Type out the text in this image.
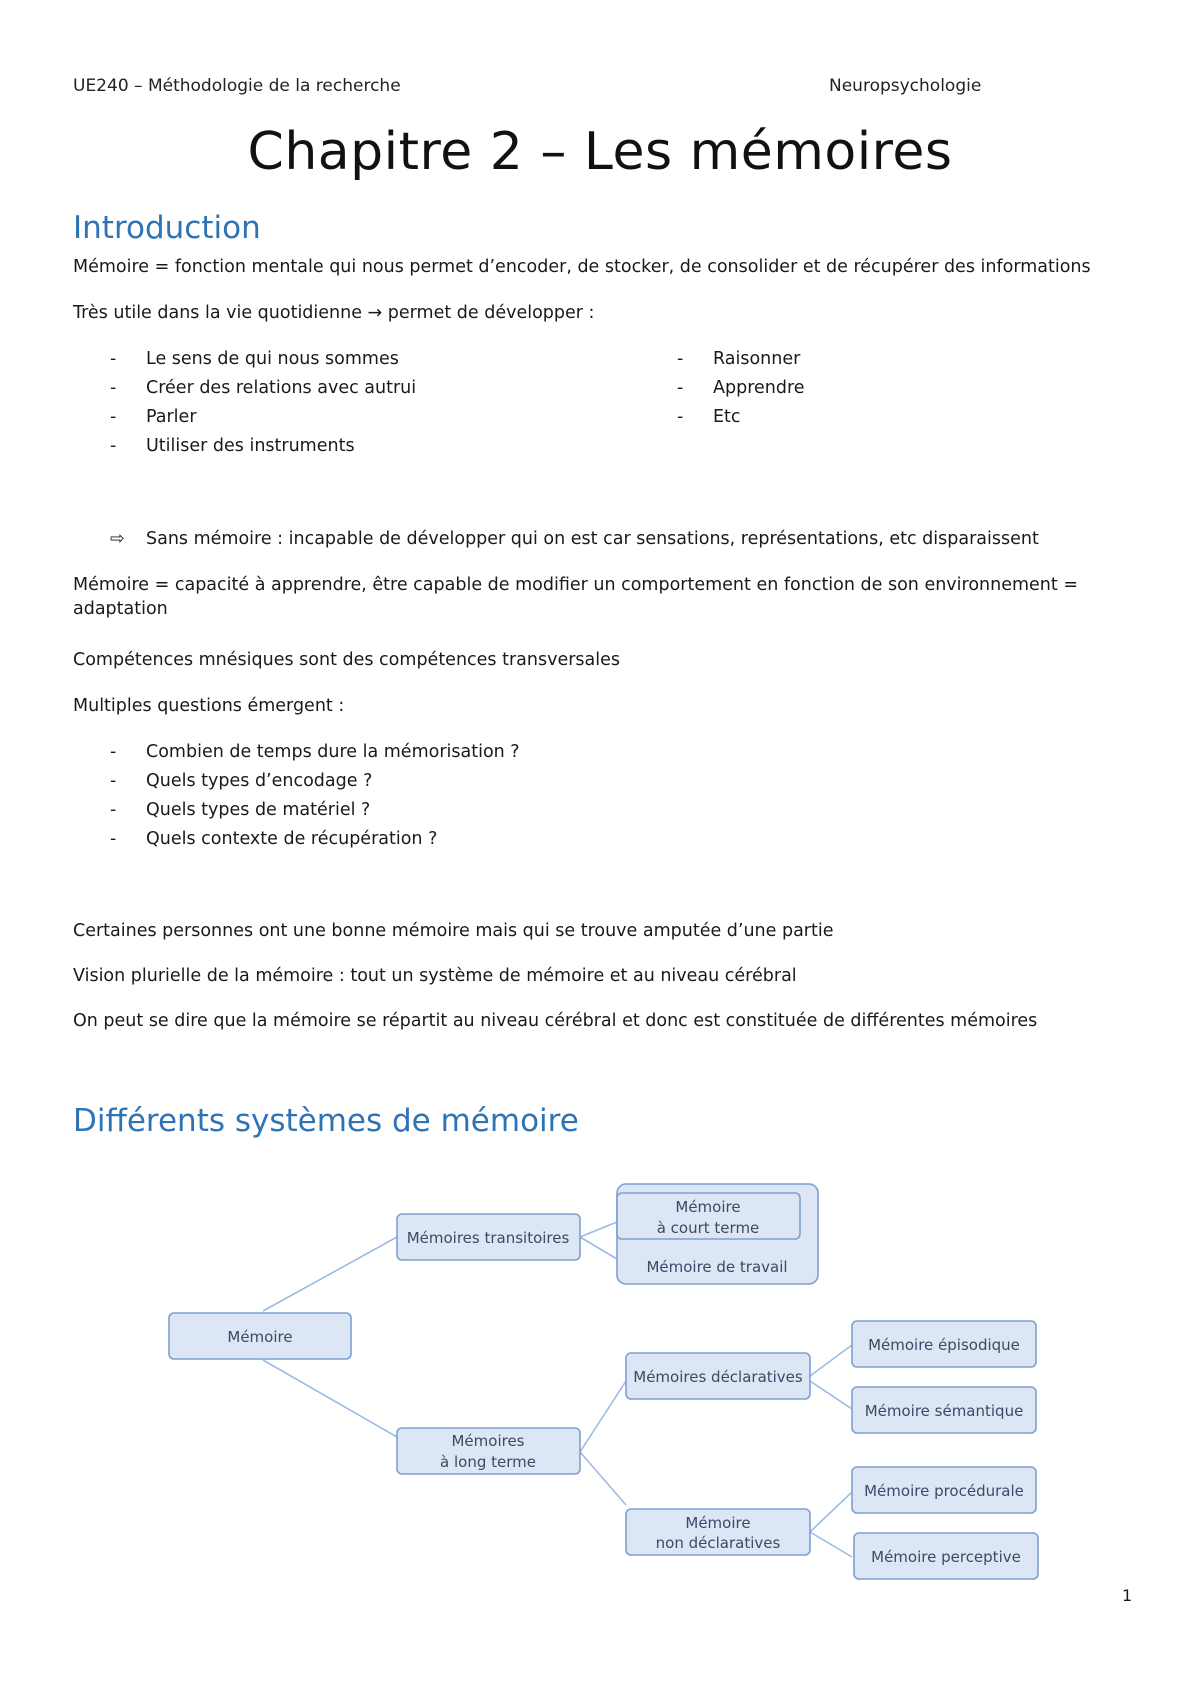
UE240 – Méthodologie de la recherche	Neuropsychologie
Chapitre 2 – Les mémoires
Introduction
Mémoire = fonction mentale qui nous permet d’encoder, de stocker, de consolider et de récupérer des informations
Très utile dans la vie quotidienne → permet de développer :
- Le sens de qui nous sommes
- Créer des relations avec autrui
- Parler
- Utiliser des instruments
- Raisonner
- Apprendre
- Etc
⇨ Sans mémoire : incapable de développer qui on est car sensations, représentations, etc disparaissent
Mémoire = capacité à apprendre, être capable de modifier un comportement en fonction de son environnement = adaptation
Compétences mnésiques sont des compétences transversales
Multiples questions émergent :
- Combien de temps dure la mémorisation ?
- Quels types d’encodage ?
- Quels types de matériel ?
- Quels contexte de récupération ?
Certaines personnes ont une bonne mémoire mais qui se trouve amputée d’une partie
Vision plurielle de la mémoire : tout un système de mémoire et au niveau cérébral
On peut se dire que la mémoire se répartit au niveau cérébral et donc est constituée de différentes mémoires
Différents systèmes de mémoire
Mémoire
Mémoires transitoires
Mémoire
à court terme
Mémoire de travail
Mémoires
à long terme
Mémoires déclaratives
Mémoire
non déclaratives
Mémoire épisodique
Mémoire sémantique
Mémoire procédurale
Mémoire perceptive
1
